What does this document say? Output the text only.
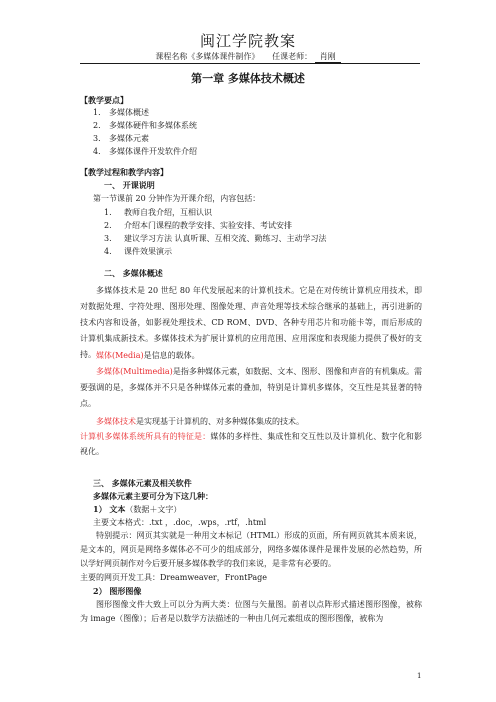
闽江学院教案
课程名称《多媒体课件制作》 任课老师： 肖刚
第一章 多媒体技术概述
【教学要点】
1． 多媒体概述
2． 多媒体硬件和多媒体系统
3． 多媒体元素
4． 多媒体课件开发软件介绍
【教学过程和教学内容】
一、 开课说明
第一节课前 20 分钟作为开课介绍，内容包括：
1. 教师自我介绍，互相认识
2. 介绍本门课程的教学安排、实验安排、考试安排
3. 建议学习方法 认真听课、互相交流、勤练习、主动学习法
4. 课件效果演示
二、 多媒体概述
多媒体技术是 20 世纪 80 年代发展起来的计算机技术。它是在对传统计算机应用技术，即对数据处理、字符处理、图形处理、图像处理、声音处理等技术综合继承的基础上，再引进新的技术内容和设备，如影视处理技术、CD ROM、DVD、各种专用芯片和功能卡等，而后形成的计算机集成新技术。多媒体技术为扩展计算机的应用范围、应用深度和表现能力提供了极好的支持。 媒体(Media)是信息的载体。
多媒体(Multimedia)是指多种媒体元素，如数据、文本、图形、图像和声音的有机集成。需要强调的是，多媒体并不只是各种媒体元素的叠加，特别是计算机多媒体，交互性是其显著的特点。
多媒体技术是实现基于计算机的、对多种媒体集成的技术。
计算机多媒体系统所具有的特征是：媒体的多样性、集成性和交互性以及计算机化、数字化和影视化。
三、 多媒体元素及相关软件
多媒体元素主要可分为下这几种：
1） 文本（数据＋文字）
主要文本格式：.txt ，.doc，.wps，.rtf，.html
特别提示：网页其实就是一种用文本标记（HTML）形成的页面，所有网页就其本质来说，是文本的，网页是网络多媒体必不可少的组成部分，网络多媒体课件是课件发展的必然趋势，所以学好网页制作对今后要开展多媒体教学的我们来说，是非常有必要的。
主要的网页开发工具：Dreamweaver，FrontPage
2） 图形图像
图形图像文件大致上可以分为两大类：位图与矢量图。前者以点阵形式描述图形图像，被称为 image（图像）；后者是以数学方法描述的一种由几何元素组成的图形图像，被称为
1
